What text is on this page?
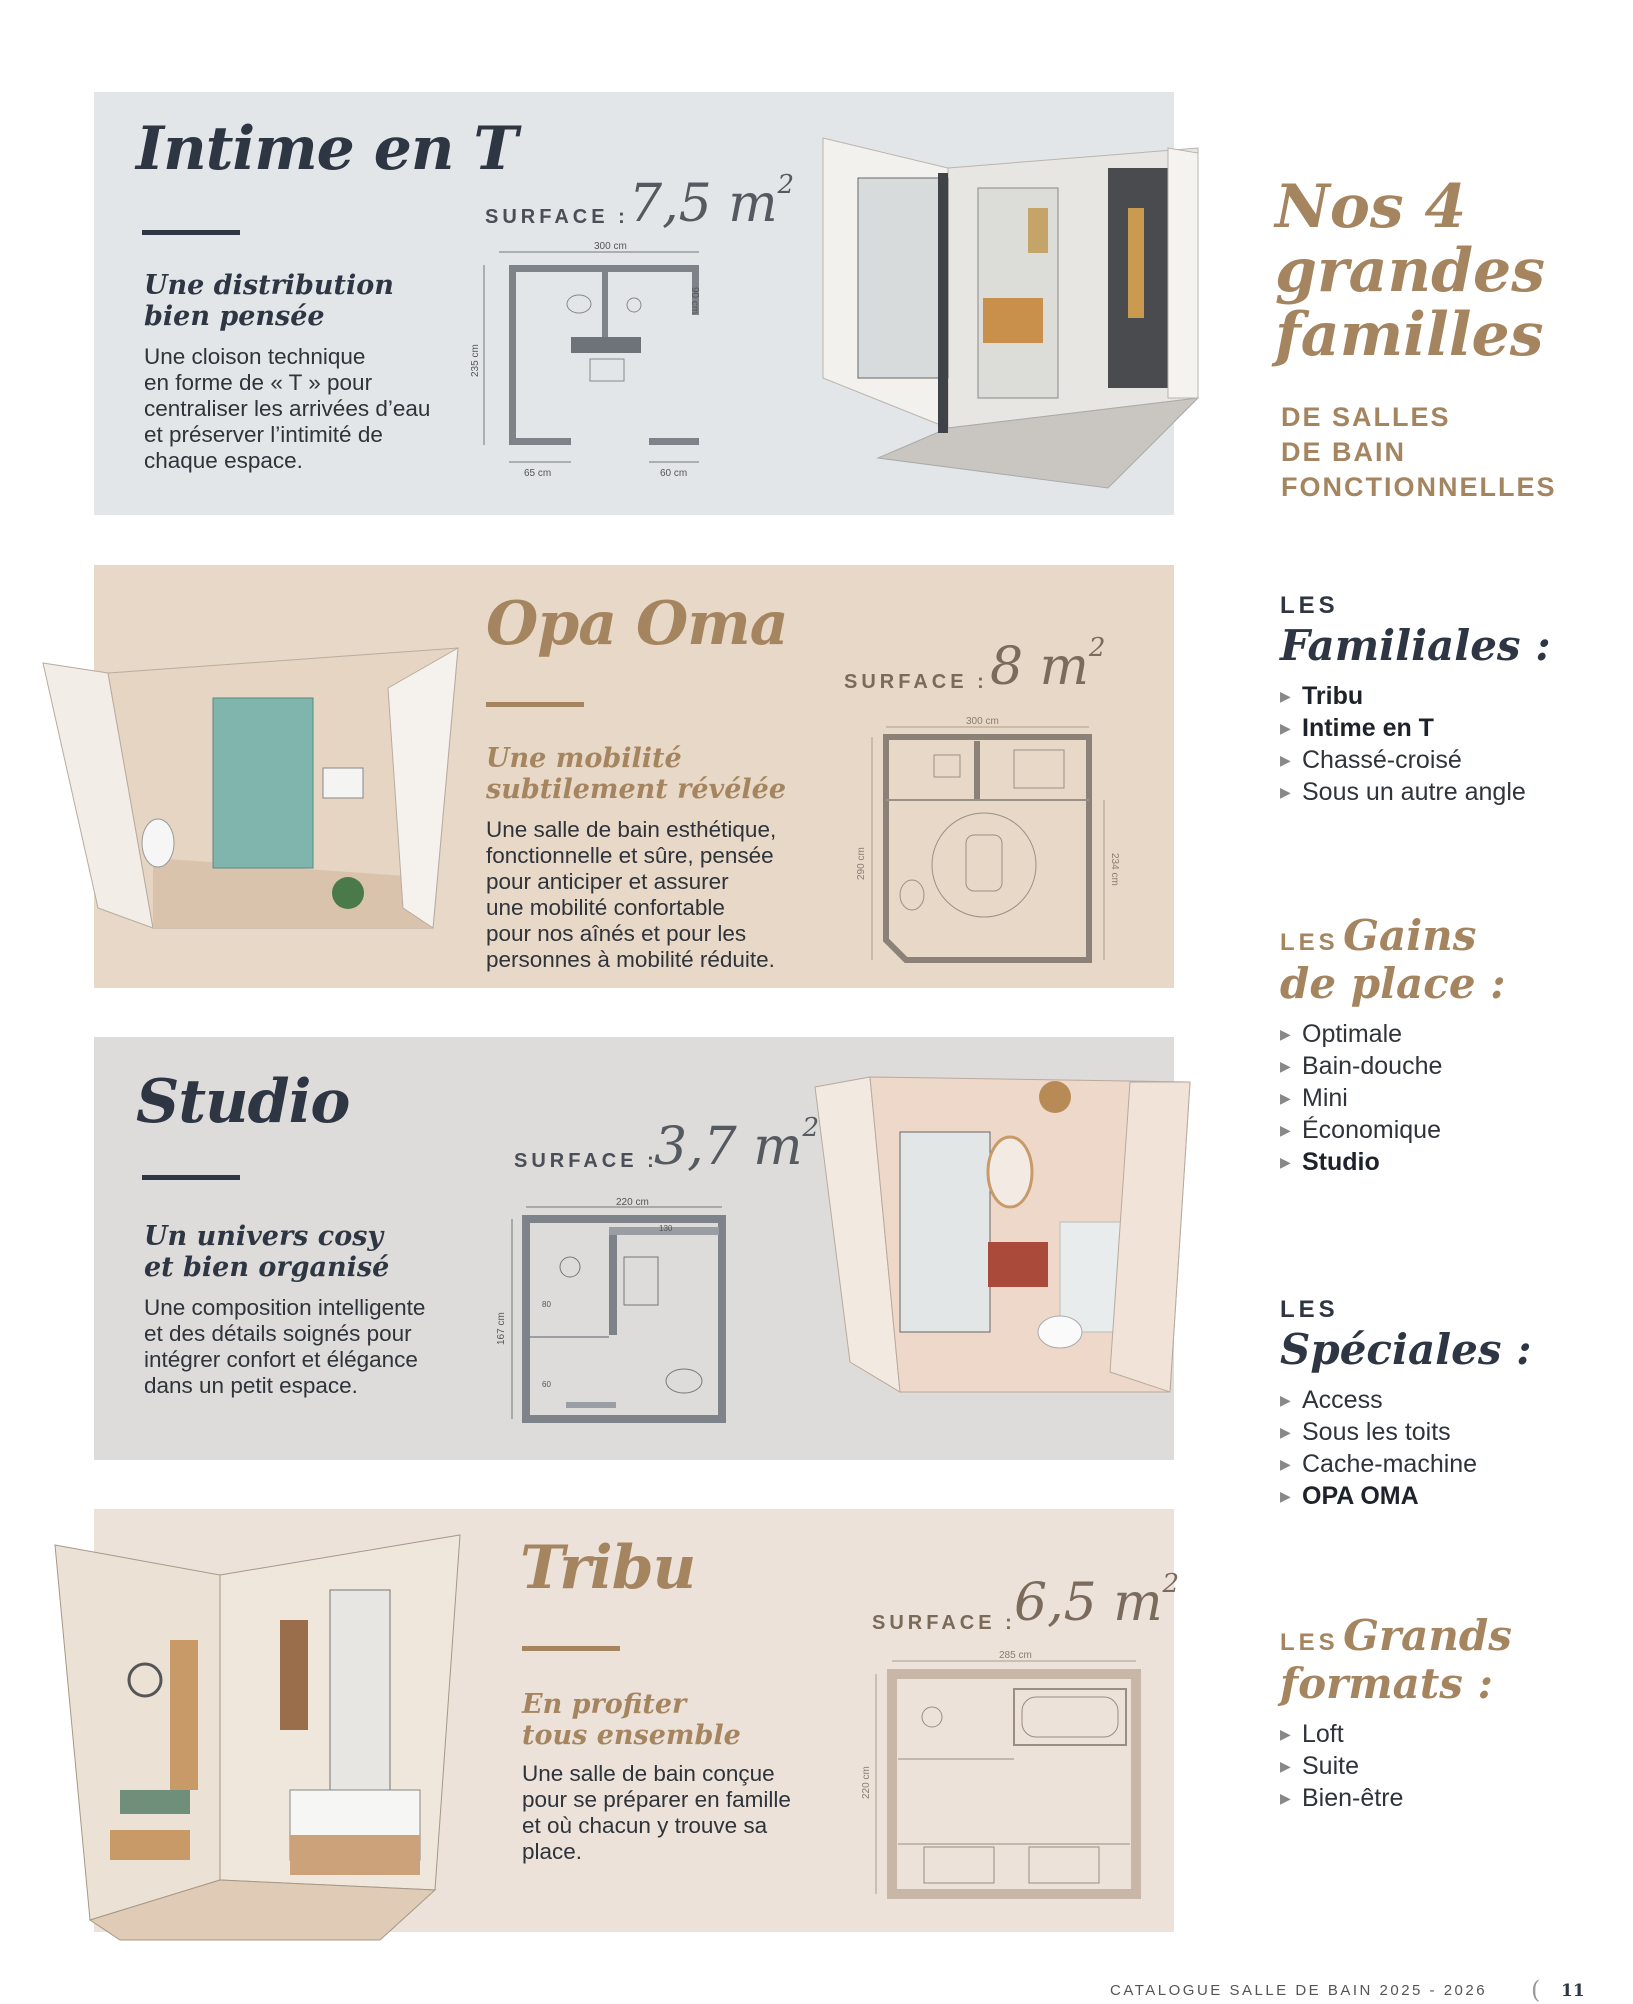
Intime en T
Une distribution
bien pensée
Une cloison technique
en forme de « T » pour
centraliser les arrivées d’eau
et préserver l’intimité de
chaque espace.
SURFACE : 7,5 $m^2$
300 cm
235 cm
90 cm
65 cm	60 cm
Opa Oma
Une mobilité
subtilement révélée
Une salle de bain esthétique,
fonctionnelle et sûre, pensée
pour anticiper et assurer
une mobilité confortable
pour nos aînés et pour les
personnes à mobilité réduite.
SURFACE : 8 $m^2$
300 cm
290 cm	234 cm
Studio
Un univers cosy
et bien organisé
Une composition intelligente
et des détails soignés pour
intégrer confort et élégance
dans un petit espace.
SURFACE :
3,7 $m^2$
220 cm
167 cm
130
80
60
Tribu
En profiter
tous ensemble
Une salle de bain conçue
pour se préparer en famille
et où chacun y trouve sa
place.
SURFACE :
6,5 $m^2$
285 cm
220 cm
Nos 4
grandes
familles
DE SALLES
DE BAIN
FONCTIONNELLES
LES
Familiales :
▶ Tribu
▶ Intime en T
▶ Chassé-croisé
▶ Sous un autre angle
LES Gains
de place :
▶ Optimale
▶ Bain-douche
▶ Mini
▶ Économique
▶ Studio
LES
Spéciales :
▶ Access
▶ Sous les toits
▶ Cache-machine
▶ OPA OMA
LES Grands
formats :
▶ Loft
▶ Suite
▶ Bien-être
CATALOGUE SALLE DE BAIN 2025 - 2026 ( 11
